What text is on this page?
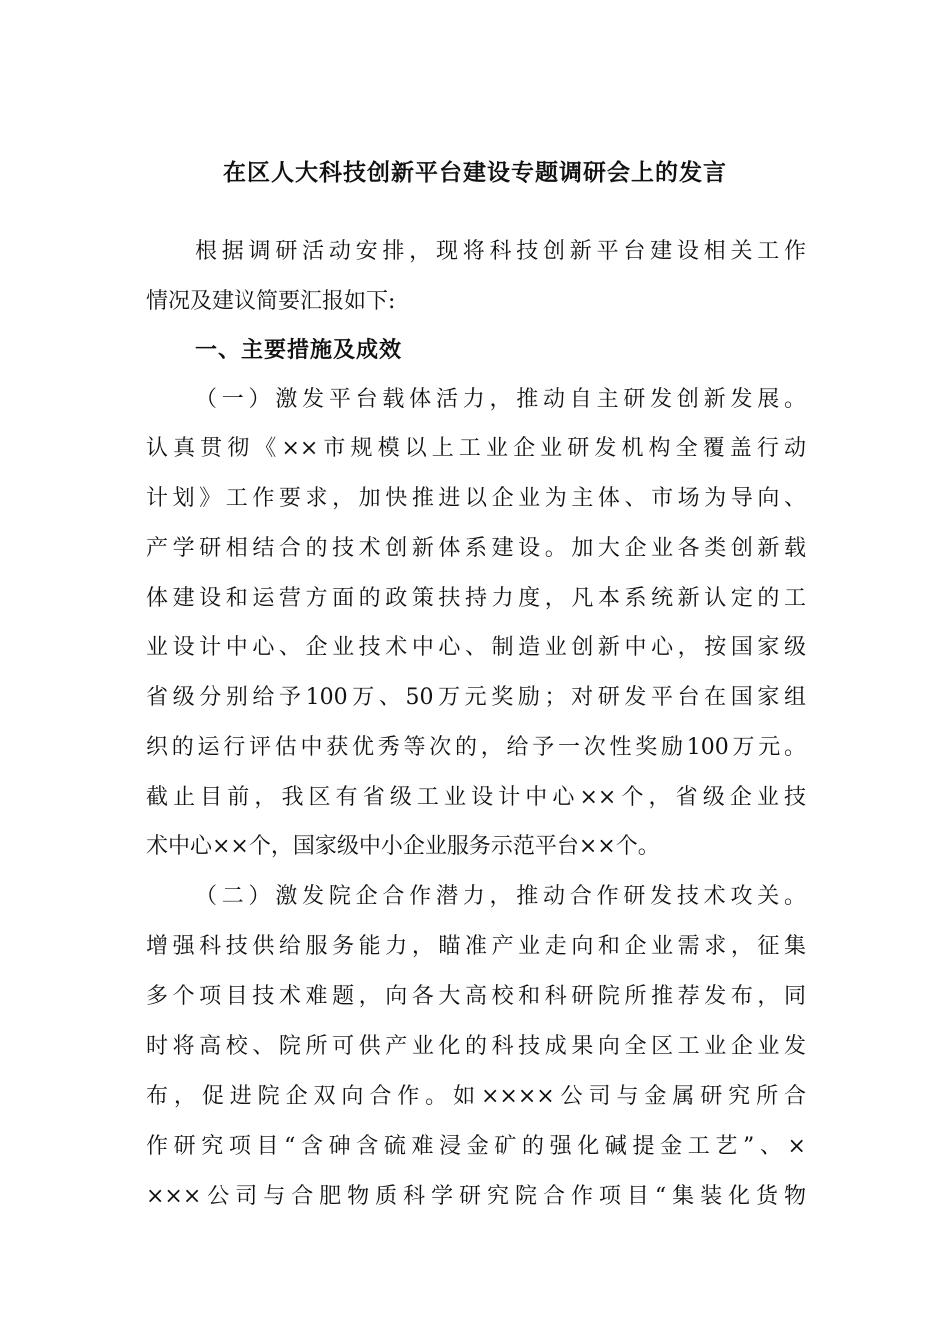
在区人大科技创新平台建设专题调研会上的发言
根据调研活动安排，现将科技创新平台建设相关工作
情况及建议简要汇报如下:
一、主要措施及成效
（一）激发平台载体活力，推动自主研发创新发展。
认真贯彻《××市规模以上工业企业研发机构全覆盖行动
计划》工作要求，加快推进以企业为主体、市场为导向、
产学研相结合的技术创新体系建设。加大企业各类创新载
体建设和运营方面的政策扶持力度，凡本系统新认定的工
业设计中心、企业技术中心、制造业创新中心，按国家级
省级分别给予100万、50万元奖励；对研发平台在国家组
织的运行评估中获优秀等次的，给予一次性奖励100万元。
截止目前，我区有省级工业设计中心××个，省级企业技
术中心××个，国家级中小企业服务示范平台××个。
（二）激发院企合作潜力，推动合作研发技术攻关。
增强科技供给服务能力，瞄准产业走向和企业需求，征集
多个项目技术难题，向各大高校和科研院所推荐发布，同
时将高校、院所可供产业化的科技成果向全区工业企业发
布，促进院企双向合作。如××××公司与金属研究所合
作研究项目“含砷含硫难浸金矿的强化碱提金工艺”、×
×××公司与合肥物质科学研究院合作项目“集装化货物
